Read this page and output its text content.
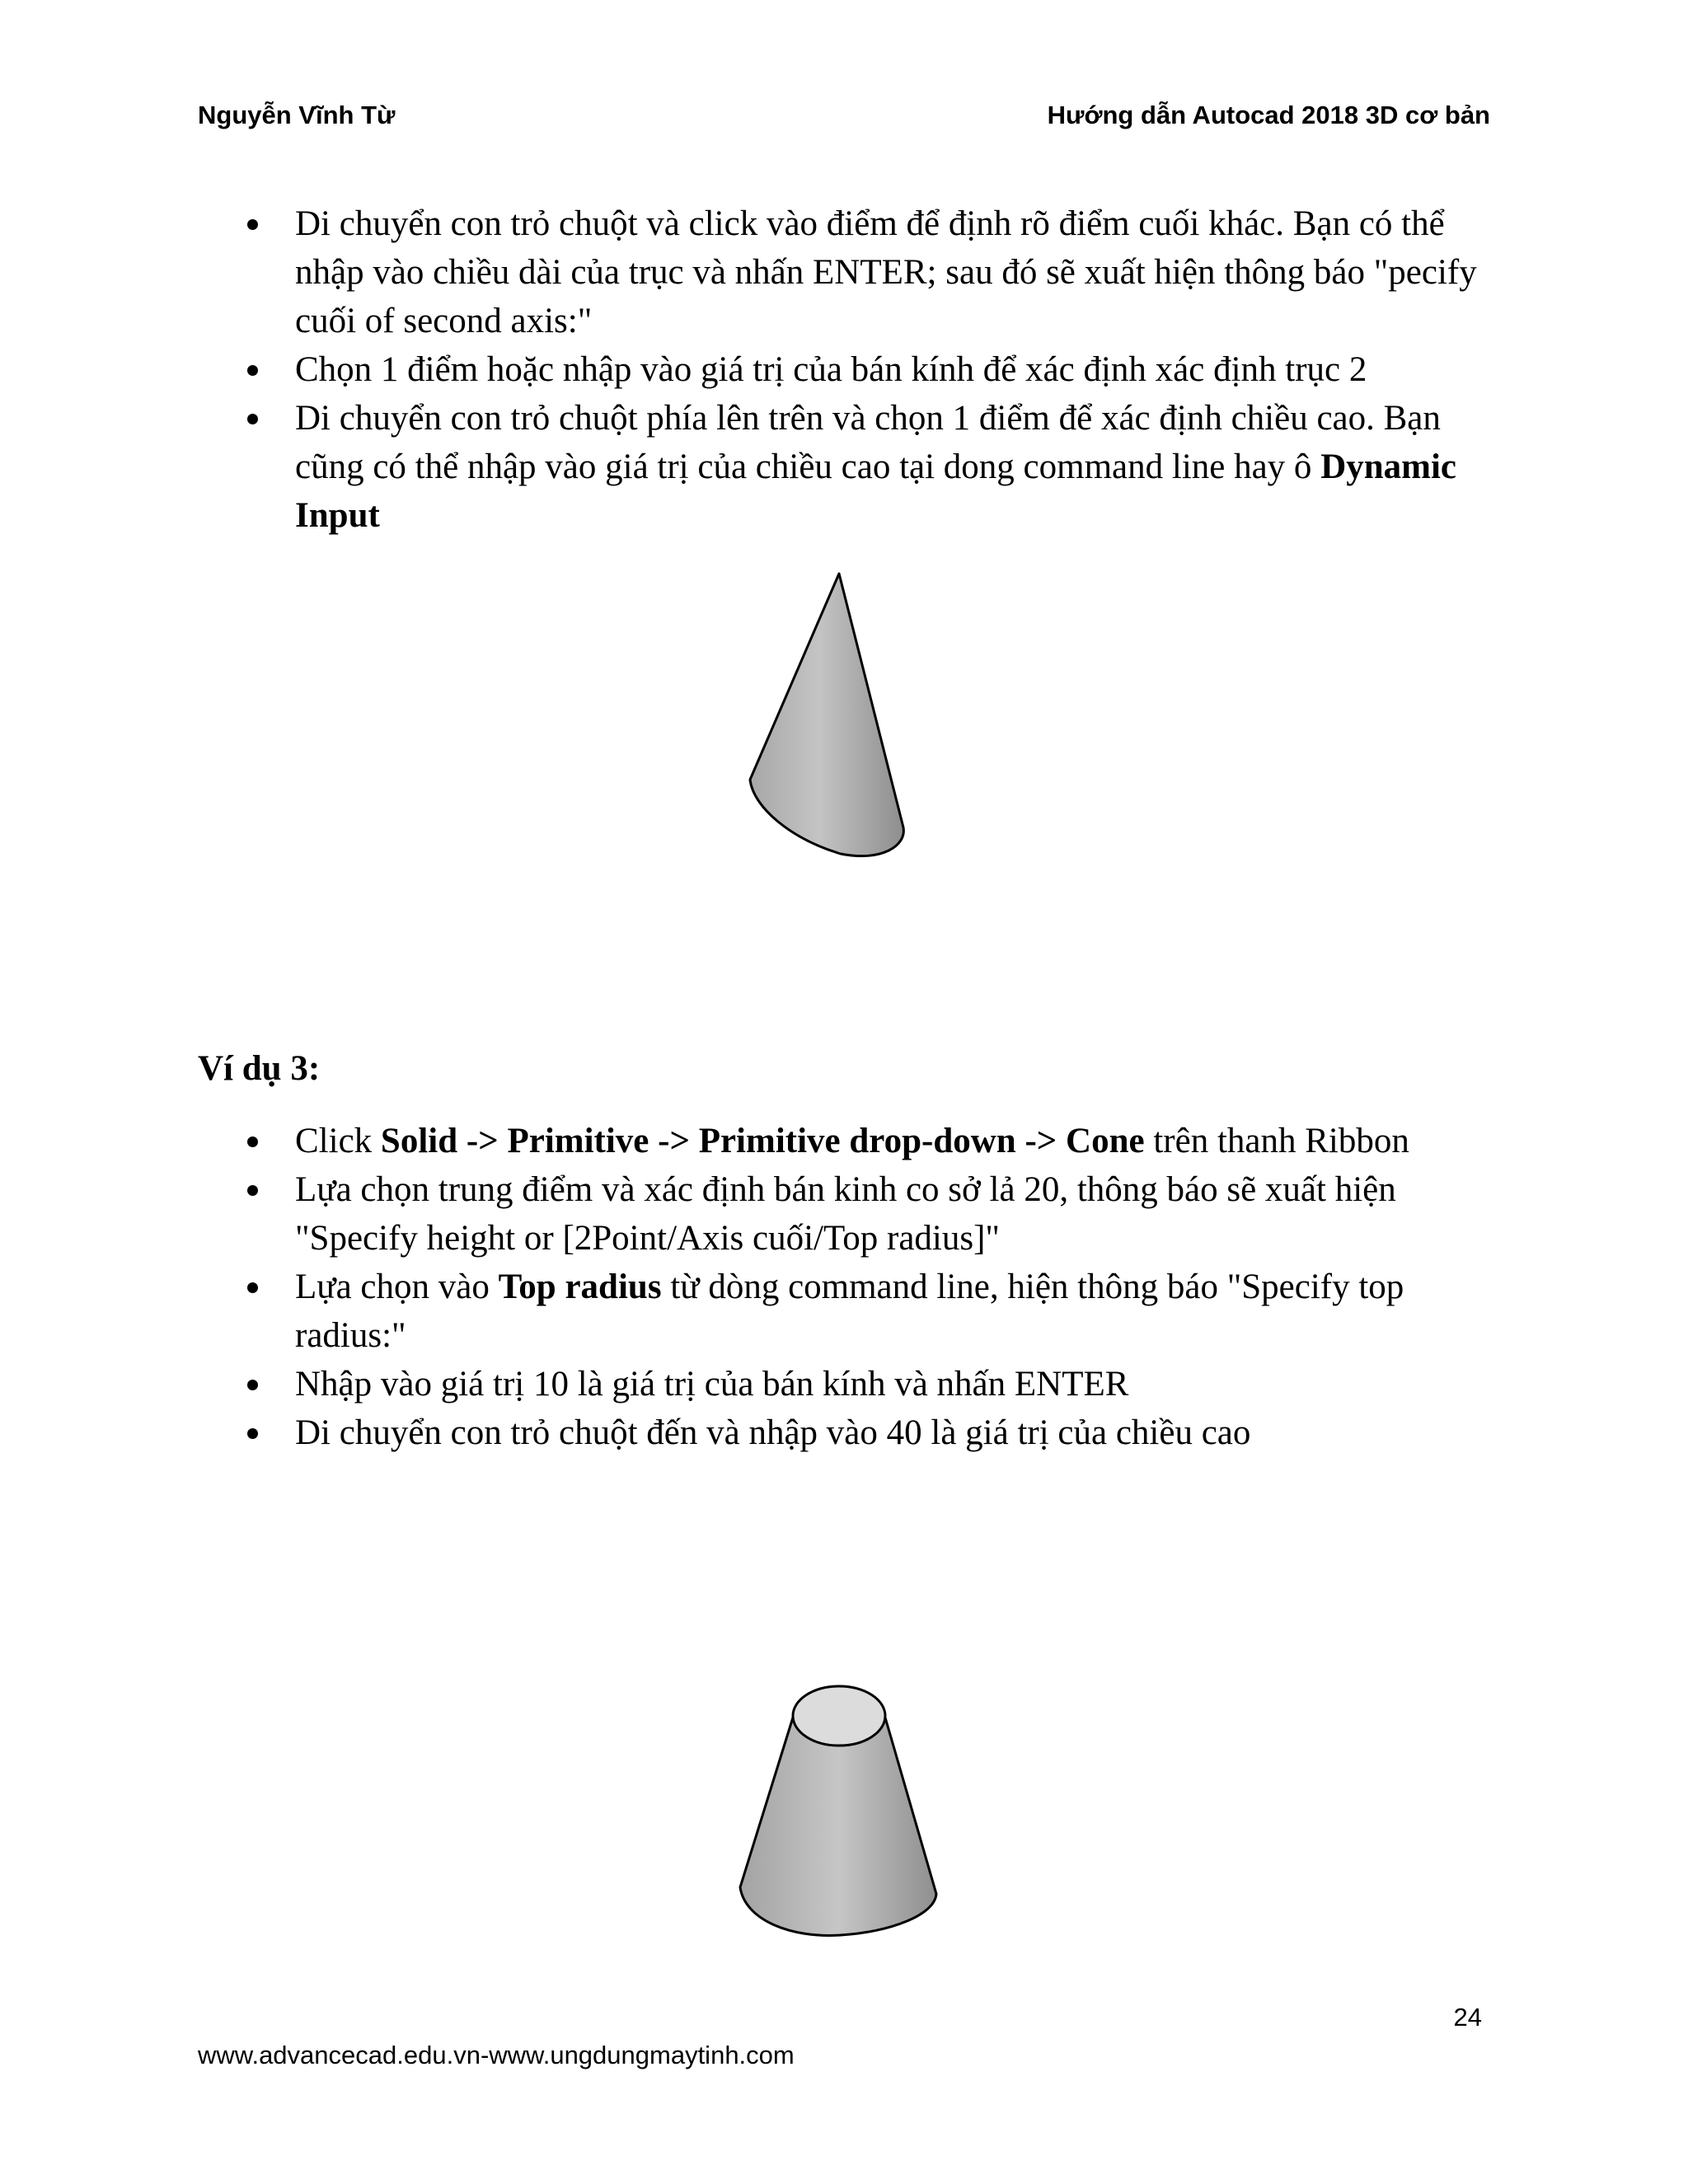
Nguyễn Vĩnh Từ	Hướng dẫn Autocad 2018 3D cơ bản
Di chuyển con trỏ chuột và click vào điểm để định rõ điểm cuối khác. Bạn có thể nhập vào chiều dài của trục và nhấn ENTER; sau đó sẽ xuất hiện thông báo "pecify cuối of second axis:"
Chọn 1 điểm hoặc nhập vào giá trị của bán kính để xác định xác định trục 2
Di chuyển con trỏ chuột phía lên trên và chọn 1 điểm để xác định chiều cao. Bạn cũng có thể nhập vào giá trị của chiều cao tại dong command line hay ô Dynamic Input
Ví dụ 3:
Click Solid -> Primitive -> Primitive drop-down -> Cone trên thanh Ribbon
Lựa chọn trung điểm và xác định bán kinh co sở lả 20, thông báo sẽ xuất hiện "Specify height or [2Point/Axis cuối/Top radius]"
Lựa chọn vào Top radius từ dòng command line, hiện thông báo "Specify top radius:"
Nhập vào giá trị 10 là giá trị của bán kính và nhấn ENTER
Di chuyển con trỏ chuột đến và nhập vào 40 là giá trị của chiều cao
24
www.advancecad.edu.vn-www.ungdungmaytinh.com
